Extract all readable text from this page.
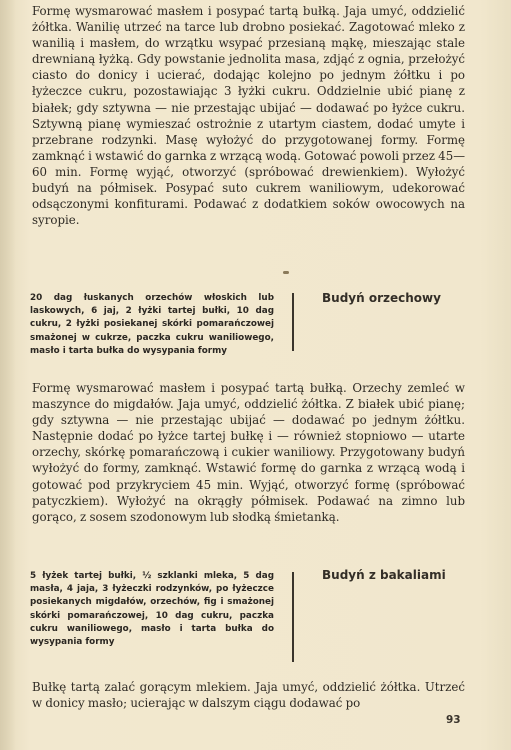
Formę wysmarować masłem i posypać tartą bułką. Jaja umyć, oddzielić żółtka. Wanilię utrzeć na tarce lub drobno posiekać. Zagotować mleko z wanilią i masłem, do wrzątku wsypać przesianą mąkę, mieszając stale drewnianą łyżką. Gdy powstanie jednolita masa, zdjąć z ognia, przełożyć ciasto do donicy i ucierać, dodając kolejno po jednym żółtku i po łyżeczce cukru, pozostawiając 3 łyżki cukru. Oddzielnie ubić pianę z białek; gdy sztywna — nie przestając ubijać — dodawać po łyżce cukru. Sztywną pianę wymieszać ostrożnie z utartym ciastem, dodać umyte i przebrane rodzynki. Masę wyłożyć do przygotowanej formy. Formę zamknąć i wstawić do garnka z wrzącą wodą. Gotować powoli przez 45—60 min. Formę wyjąć, otworzyć (spróbować drewienkiem). Wyłożyć budyń na półmisek. Posypać suto cukrem waniliowym, udekorować odsączonymi konfiturami. Podawać z dodatkiem soków owocowych na syropie.

20 dag łuskanych orzechów włoskich lub laskowych, 6 jaj, 2 łyżki tartej bułki, 10 dag cukru, 2 łyżki posiekanej skórki pomarańczowej smażonej w cukrze, paczka cukru waniliowego, masło i tarta bułka do wysypania formy

Budyń orzechowy

Formę wysmarować masłem i posypać tartą bułką. Orzechy zemleć w maszynce do migdałów. Jaja umyć, oddzielić żółtka. Z białek ubić pianę; gdy sztywna — nie przestając ubijać — dodawać po jednym żółtku. Następnie dodać po łyżce tartej bułkę i — również stopniowo — utarte orzechy, skórkę pomarańczową i cukier waniliowy. Przygotowany budyń wyłożyć do formy, zamknąć. Wstawić formę do garnka z wrzącą wodą i gotować pod przykryciem 45 min. Wyjąć, otworzyć formę (spróbować patyczkiem). Wyłożyć na okrągły półmisek. Podawać na zimno lub gorąco, z sosem szodonowym lub słodką śmietanką.

5 łyżek tartej bułki, ½ szklanki mleka, 5 dag masła, 4 jaja, 3 łyżeczki rodzynków, po łyżeczce posiekanych migdałów, orzechów, fig i smażonej skórki pomarańczowej, 10 dag cukru, paczka cukru waniliowego, masło i tarta bułka do wysypania formy

Budyń z bakaliami

Bułkę tartą zalać gorącym mlekiem. Jaja umyć, oddzielić żółtka. Utrzeć w donicy masło; ucierając w dalszym ciągu dodawać po

93
